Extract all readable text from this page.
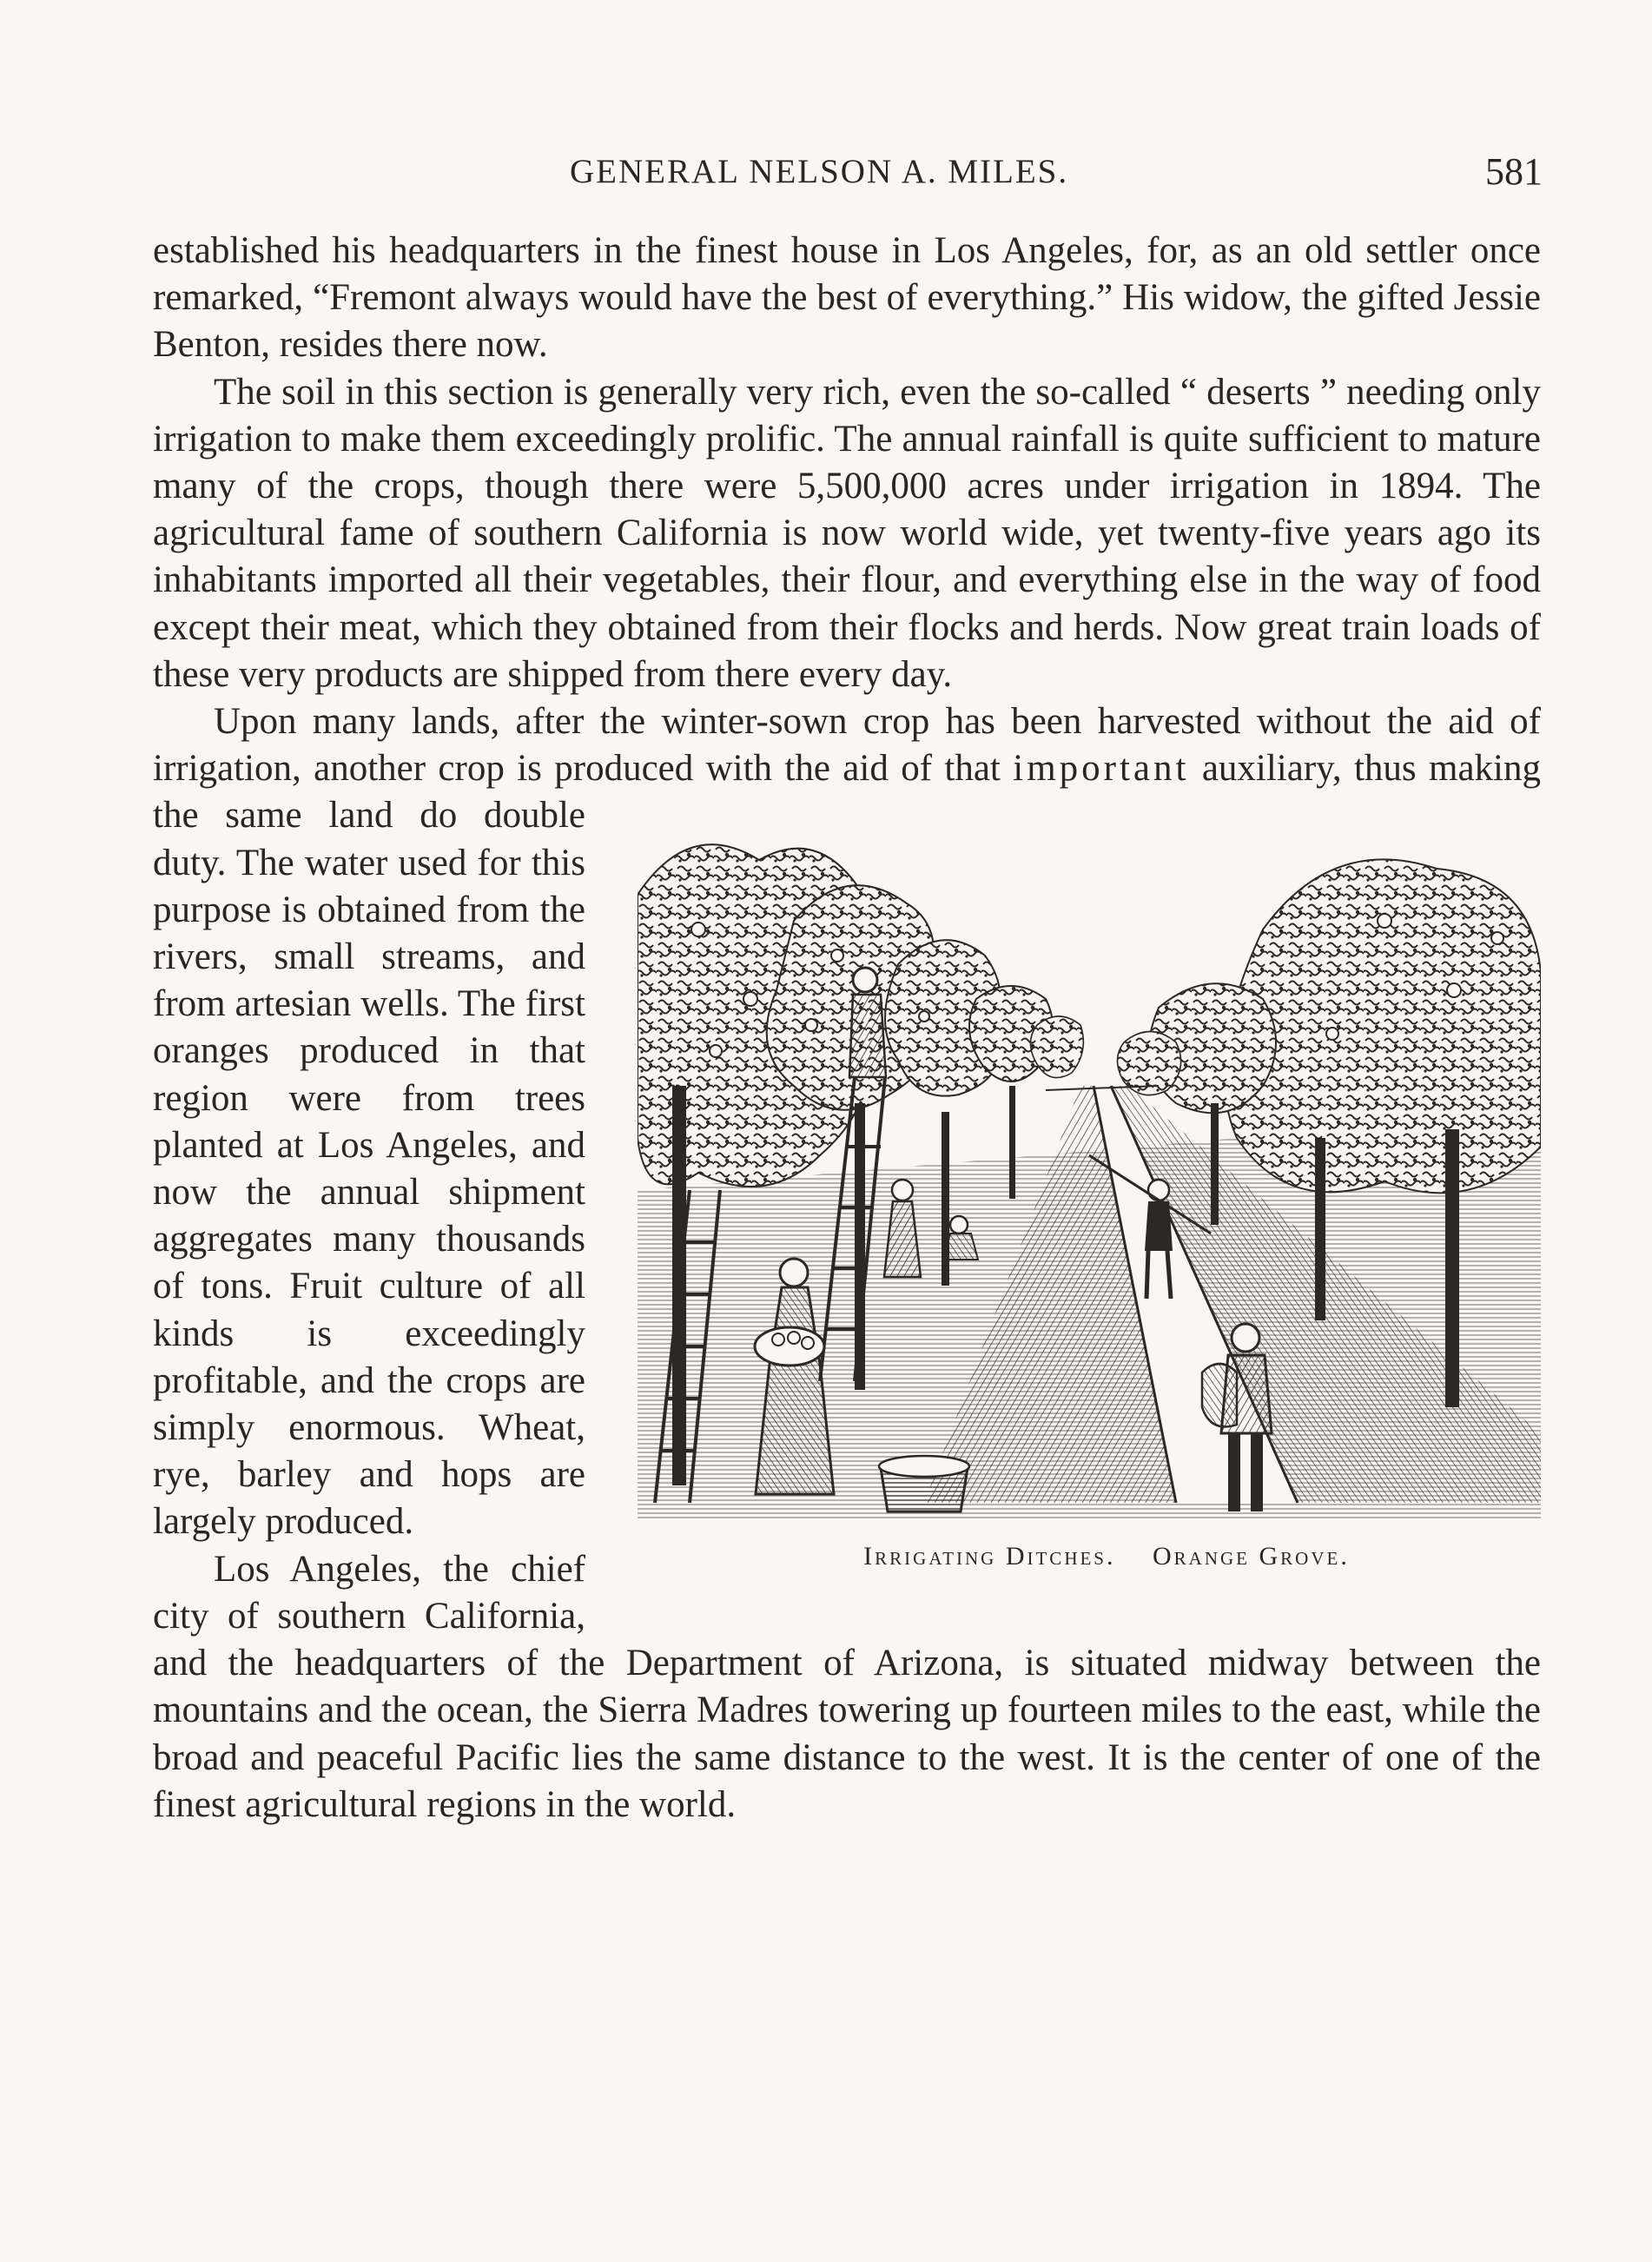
GENERAL NELSON A. MILES.	581

established his headquarters in the finest house in Los Angeles, for, as an old settler once remarked, “Fremont always would have the best of everything.” His widow, the gifted Jessie Benton, resides there now.

The soil in this section is generally very rich, even the so-called “ deserts ” needing only irrigation to make them exceedingly prolific. The annual rainfall is quite sufficient to mature many of the crops, though there were 5,500,000 acres under irrigation in 1894. The agricultural fame of southern California is now world wide, yet twenty-five years ago its inhabitants imported all their vegetables, their flour, and everything else in the way of food except their meat, which they obtained from their flocks and herds. Now great train loads of these very products are shipped from there every day.

Upon many lands, after the winter-sown crop has been harvested without the aid of irrigation, another crop is produced with the aid of that
Irrigating Ditches. Orange Grove.
important auxiliary, thus making the same land do double duty. The water used for this purpose is obtained from the rivers, small streams, and from artesian wells. The first oranges produced in that region were from trees planted at Los Angeles, and now the annual shipment aggregates many thousands of tons. Fruit culture of all kinds is exceedingly profitable, and the crops are simply enormous. Wheat, rye, barley and hops are largely produced.

Los Angeles, the chief city of southern California, and the headquarters of the Department of Arizona, is situated midway between the mountains and the ocean, the Sierra Madres towering up fourteen miles to the east, while the broad and peaceful Pacific lies the same distance to the west. It is the center of one of the finest agricultural regions in the world.
